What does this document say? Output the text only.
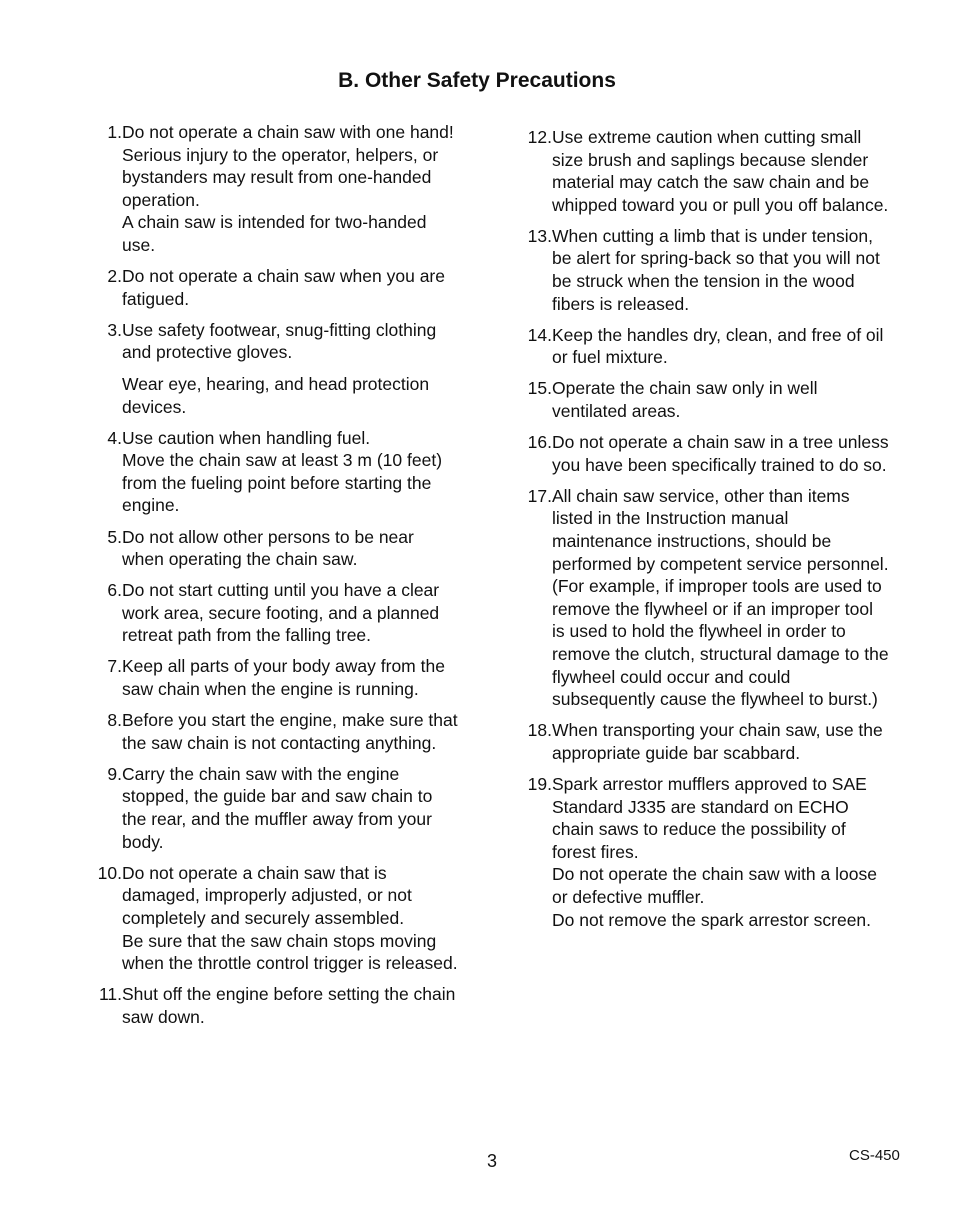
B. Other Safety Precautions
1. Do not operate a chain saw with one hand! Serious injury to the operator, helpers, or bystanders may result from one-handed operation.

A chain saw is intended for two-handed use.

2. Do not operate a chain saw when you are fatigued.

3. Use safety footwear, snug-fitting clothing and protective gloves.

Wear eye, hearing, and head protection devices.

4. Use caution when handling fuel.

Move the chain saw at least 3 m (10 feet) from the fueling point before starting the engine.

5. Do not allow other persons to be near when operating the chain saw.

6. Do not start cutting until you have a clear work area, secure footing, and a planned retreat path from the falling tree.

7. Keep all parts of your body away from the saw chain when the engine is running.

8. Before you start the engine, make sure that the saw chain is not contacting anything.

9. Carry the chain saw with the engine stopped, the guide bar and saw chain to the rear, and the muffler away from your body.

10. Do not operate a chain saw that is damaged, improperly adjusted, or not completely and securely assembled.

Be sure that the saw chain stops moving when the throttle control trigger is released.

11. Shut off the engine before setting the chain saw down.

12. Use extreme caution when cutting small size brush and saplings because slender material may catch the saw chain and be whipped toward you or pull you off balance.

13. When cutting a limb that is under tension, be alert for spring-back so that you will not be struck when the tension in the wood fibers is released.

14. Keep the handles dry, clean, and free of oil or fuel mixture.

15. Operate the chain saw only in well ventilated areas.

16. Do not operate a chain saw in a tree unless you have been specifically trained to do so.

17. All chain saw service, other than items listed in the Instruction manual maintenance instructions, should be performed by competent service personnel.

(For example, if improper tools are used to remove the flywheel or if an improper tool is used to hold the flywheel in order to remove the clutch, structural damage to the flywheel could occur and could subsequently cause the flywheel to burst.)

18. When transporting your chain saw, use the appropriate guide bar scabbard.

19. Spark arrestor mufflers approved to SAE Standard J335 are standard on ECHO chain saws to reduce the possibility of forest fires.

Do not operate the chain saw with a loose or defective muffler.

Do not remove the spark arrestor screen.

3	CS-450
